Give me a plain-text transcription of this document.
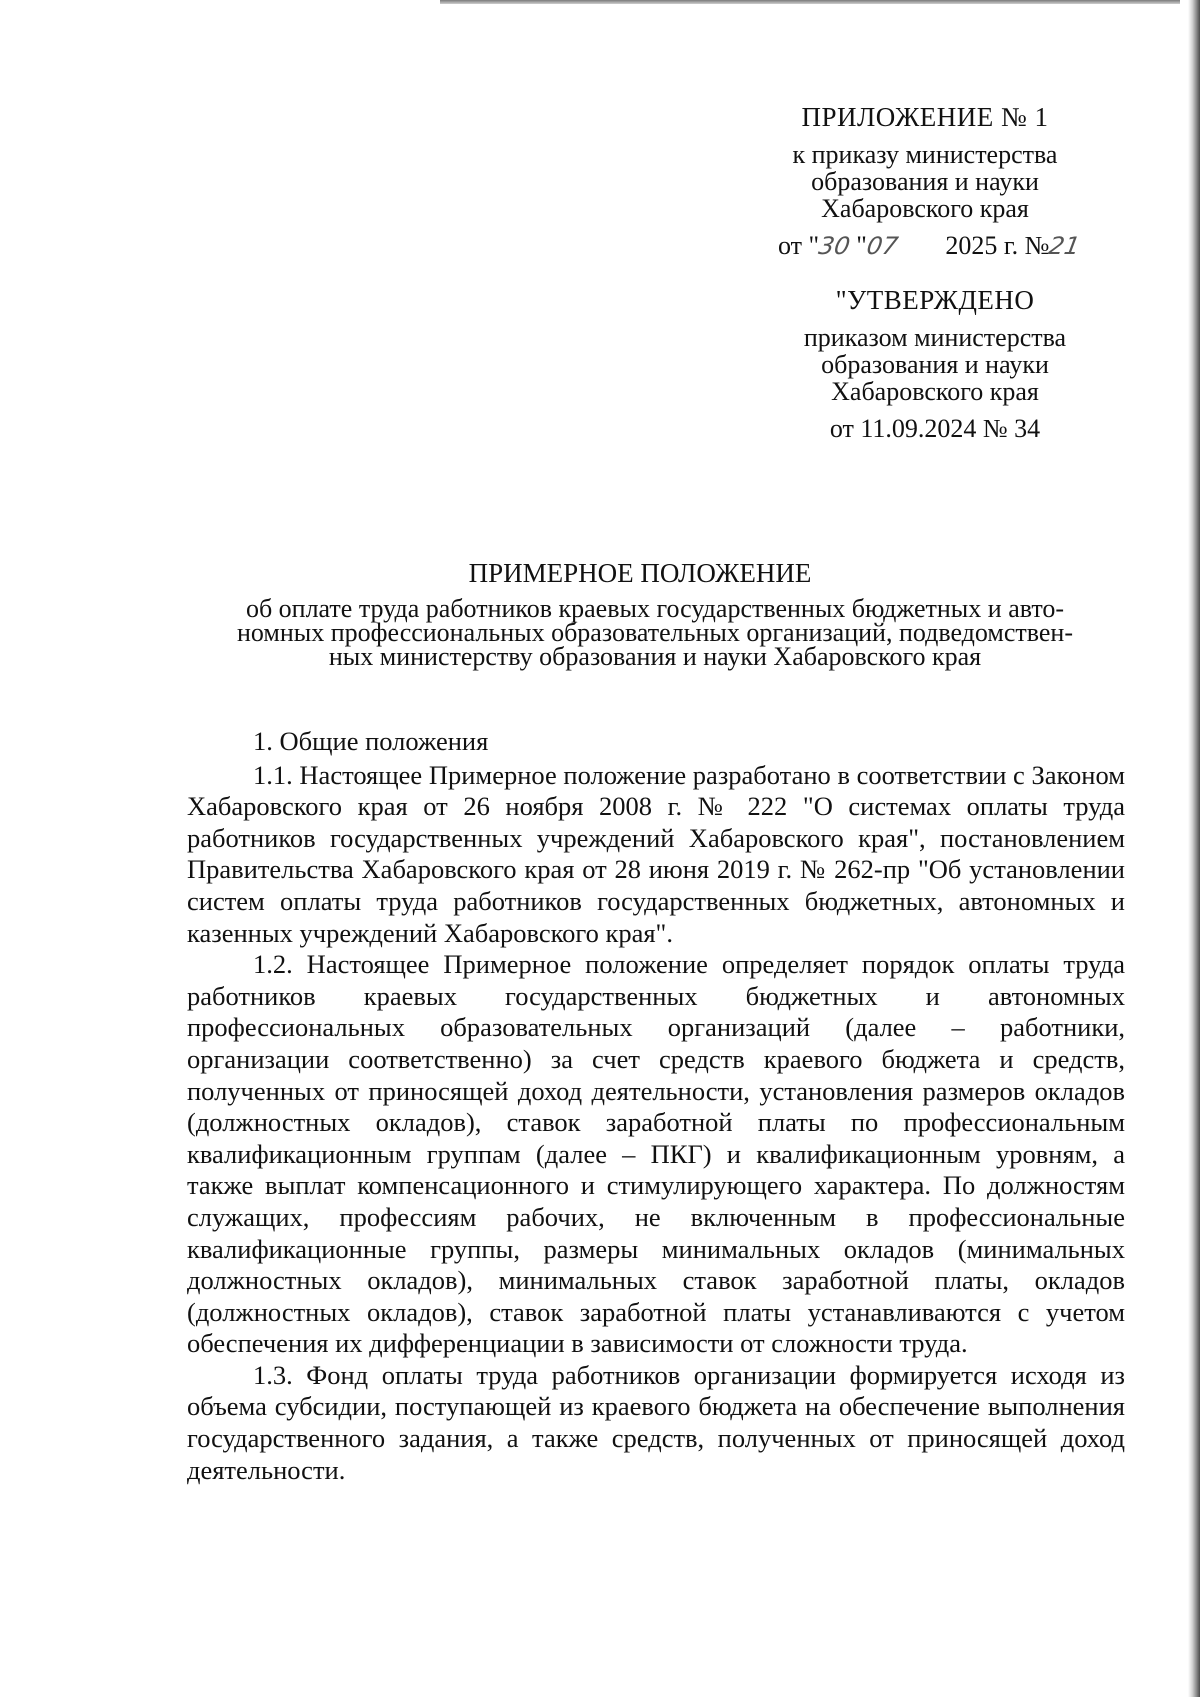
ПРИЛОЖЕНИЕ № 1
к приказу министерства
образования и науки
Хабаровского края
от "30 "07 2025 г. №21
"УТВЕРЖДЕНО
приказом министерства
образования и науки
Хабаровского края
от 11.09.2024 № 34
ПРИМЕРНОЕ ПОЛОЖЕНИЕ
об оплате труда работников краевых государственных бюджетных и авто-
номных профессиональных образовательных организаций, подведомствен-
ных министерству образования и науки Хабаровского края
1. Общие положения

1.1. Настоящее Примерное положение разработано в соответствии с Законом Хабаровского края от 26 ноября 2008 г. № 222 "О системах оплаты труда работников государственных учреждений Хабаровского края", постановлением Правительства Хабаровского края от 28 июня 2019 г. № 262-пр "Об установлении систем оплаты труда работников государственных бюджетных, автономных и казенных учреждений Хабаровского края".

1.2. Настоящее Примерное положение определяет порядок оплаты труда работников краевых государственных бюджетных и автономных профессиональных образовательных организаций (далее – работники, организации соответственно) за счет средств краевого бюджета и средств, полученных от приносящей доход деятельности, установления размеров окладов (должностных окладов), ставок заработной платы по профессиональным квалификационным группам (далее – ПКГ) и квалификационным уровням, а также выплат компенсационного и стимулирующего характера. По должностям служащих, профессиям рабочих, не включенным в профессиональные квалификационные группы, размеры минимальных окладов (минимальных должностных окладов), минимальных ставок заработной платы, окладов (должностных окладов), ставок заработной платы устанавливаются с учетом обеспечения их дифференциации в зависимости от сложности труда.

1.3. Фонд оплаты труда работников организации формируется исходя из объема субсидии, поступающей из краевого бюджета на обеспечение выполнения государственного задания, а также средств, полученных от приносящей доход деятельности.
